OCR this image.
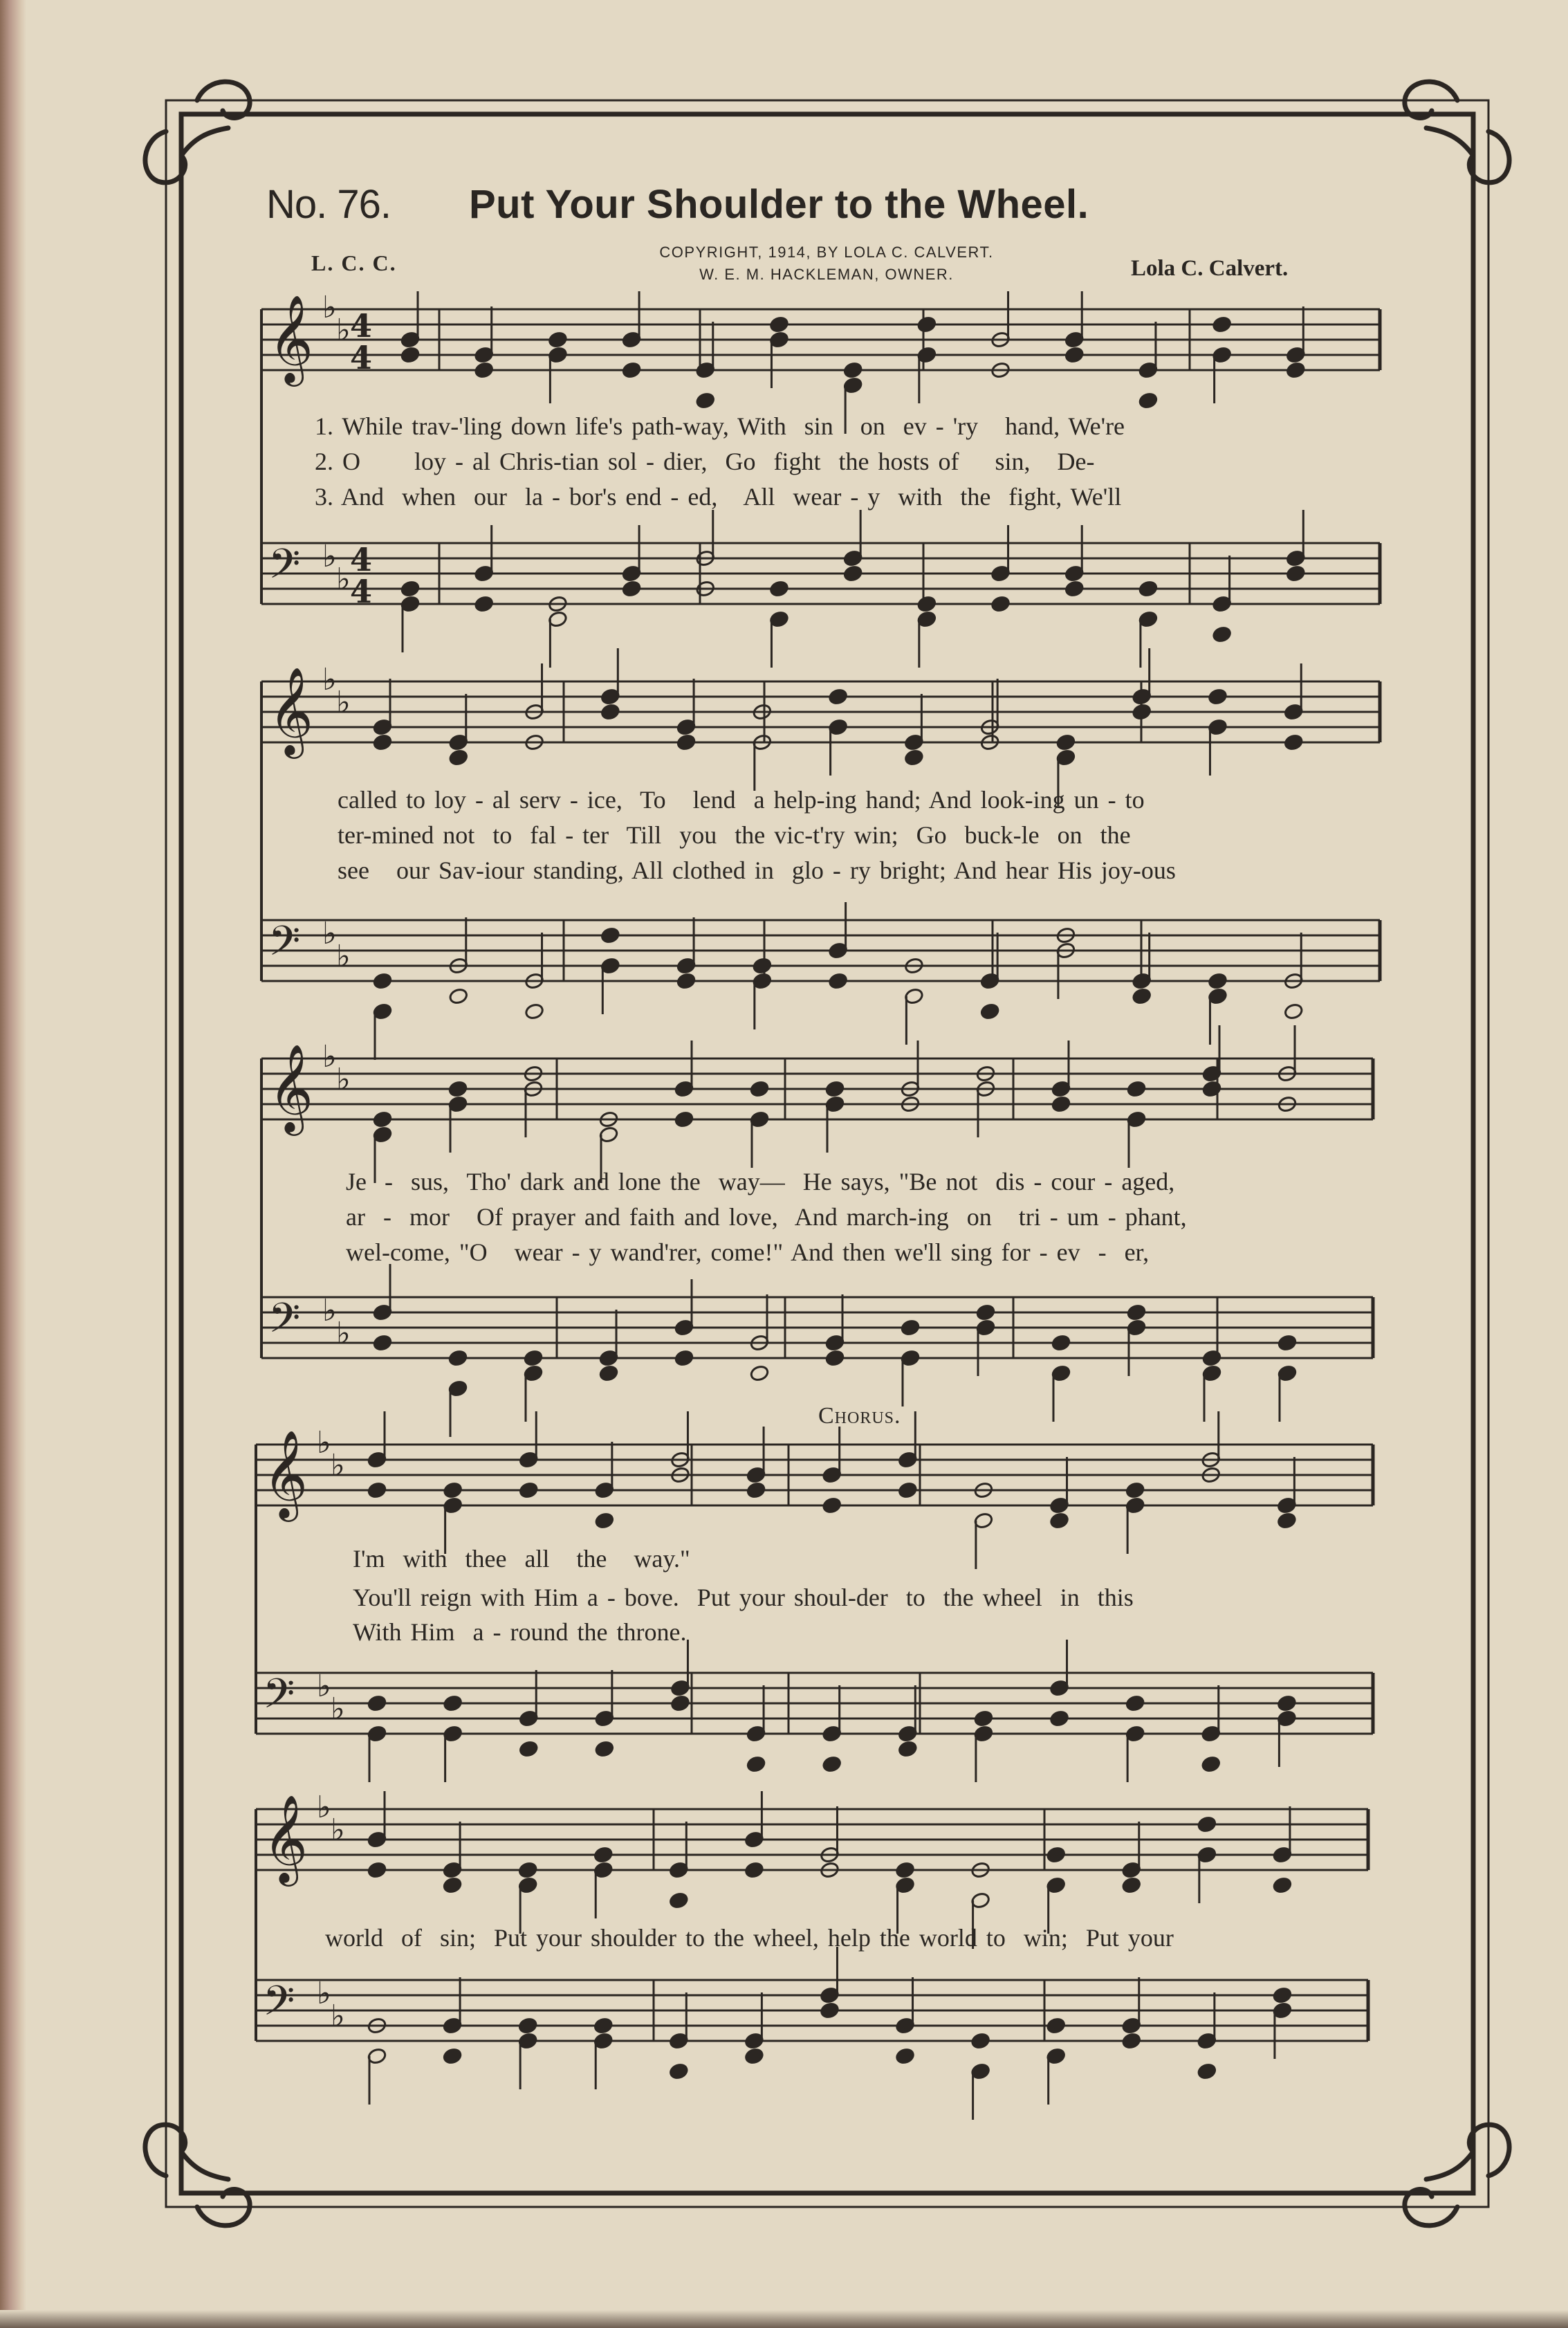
No. 76. Put Your Shoulder to the Wheel.
L. C. C.	COPYRIGHT, 1914, BY LOLA C. CALVERT.
W. E. M. HACKLEMAN, OWNER.	Lola C. Calvert.
𝄞 ♭
♭ 4
4
𝄢 ♭
♭
4
4
𝄞 ♭
♭
𝄢 ♭
♭
𝄞 ♭
♭
𝄢 ♭
♭
𝄞 ♭
♭
𝄢 ♭
♭
𝄞 ♭
♭
𝄢 ♭
♭
1. While trav-'ling down life's path-way, With  sin   on  ev - 'ry   hand, We're
2. O      loy - al Chris-tian sol - dier,  Go  fight  the hosts of    sin,   De-
3. And  when  our  la - bor's end - ed,   All  wear - y  with  the  fight, We'll
called to loy - al serv - ice,  To   lend  a help-ing hand; And look-ing un - to
ter-mined not  to  fal - ter  Till  you  the vic-t'ry win;  Go  buck-le  on  the
see   our Sav-iour standing, All clothed in  glo - ry bright; And hear His joy-ous
Je  -  sus,  Tho' dark and lone the  way—  He says, "Be not  dis - cour - aged,
ar  -  mor   Of prayer and faith and love,  And march-ing  on   tri - um - phant,
wel-come, "O   wear - y wand'rer, come!" And then we'll sing for - ev  -  er,
Chorus.
I'm  with  thee  all   the   way."
You'll reign with Him a - bove.  Put your shoul-der  to  the wheel  in  this
With Him  a - round the throne.
world  of  sin;  Put your shoulder to the wheel, help the world to  win;  Put your
